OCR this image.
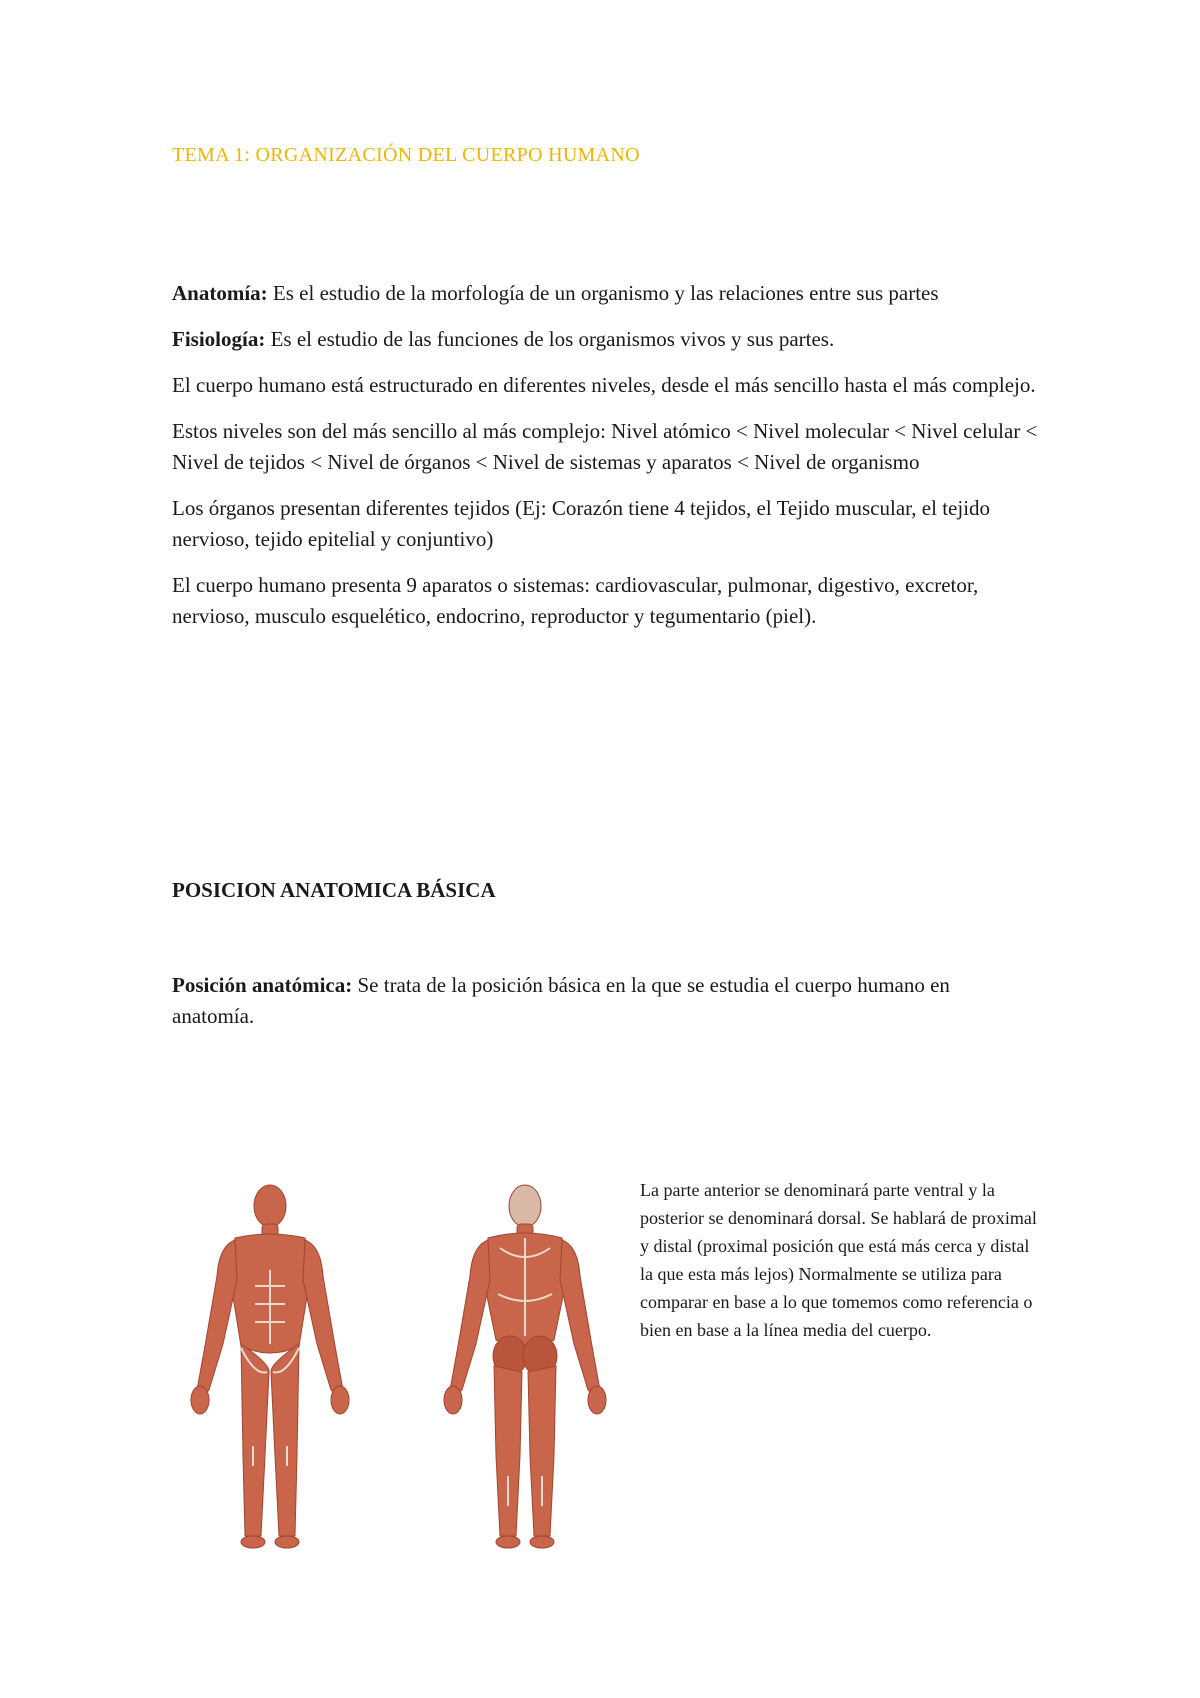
TEMA 1: ORGANIZACIÓN DEL CUERPO HUMANO

Anatomía: Es el estudio de la morfología de un organismo y las relaciones entre sus partes

Fisiología: Es el estudio de las funciones de los organismos vivos y sus partes.

El cuerpo humano está estructurado en diferentes niveles, desde el más sencillo hasta el más complejo.

Estos niveles son del más sencillo al más complejo: Nivel atómico < Nivel molecular < Nivel celular < Nivel de tejidos < Nivel de órganos < Nivel de sistemas y aparatos < Nivel de organismo

Los órganos presentan diferentes tejidos (Ej: Corazón tiene 4 tejidos, el Tejido muscular, el tejido nervioso, tejido epitelial y conjuntivo)

El cuerpo humano presenta 9 aparatos o sistemas: cardiovascular, pulmonar, digestivo, excretor, nervioso, musculo esquelético, endocrino, reproductor y tegumentario (piel).

POSICION ANATOMICA BÁSICA

Posición anatómica: Se trata de la posición básica en la que se estudia el cuerpo humano en anatomía.

La parte anterior se denominará parte ventral y la posterior se denominará dorsal. Se hablará de proximal y distal (proximal posición que está más cerca y distal la que esta más lejos) Normalmente se utiliza para comparar en base a lo que tomemos como referencia o bien en base a la línea media del cuerpo.
